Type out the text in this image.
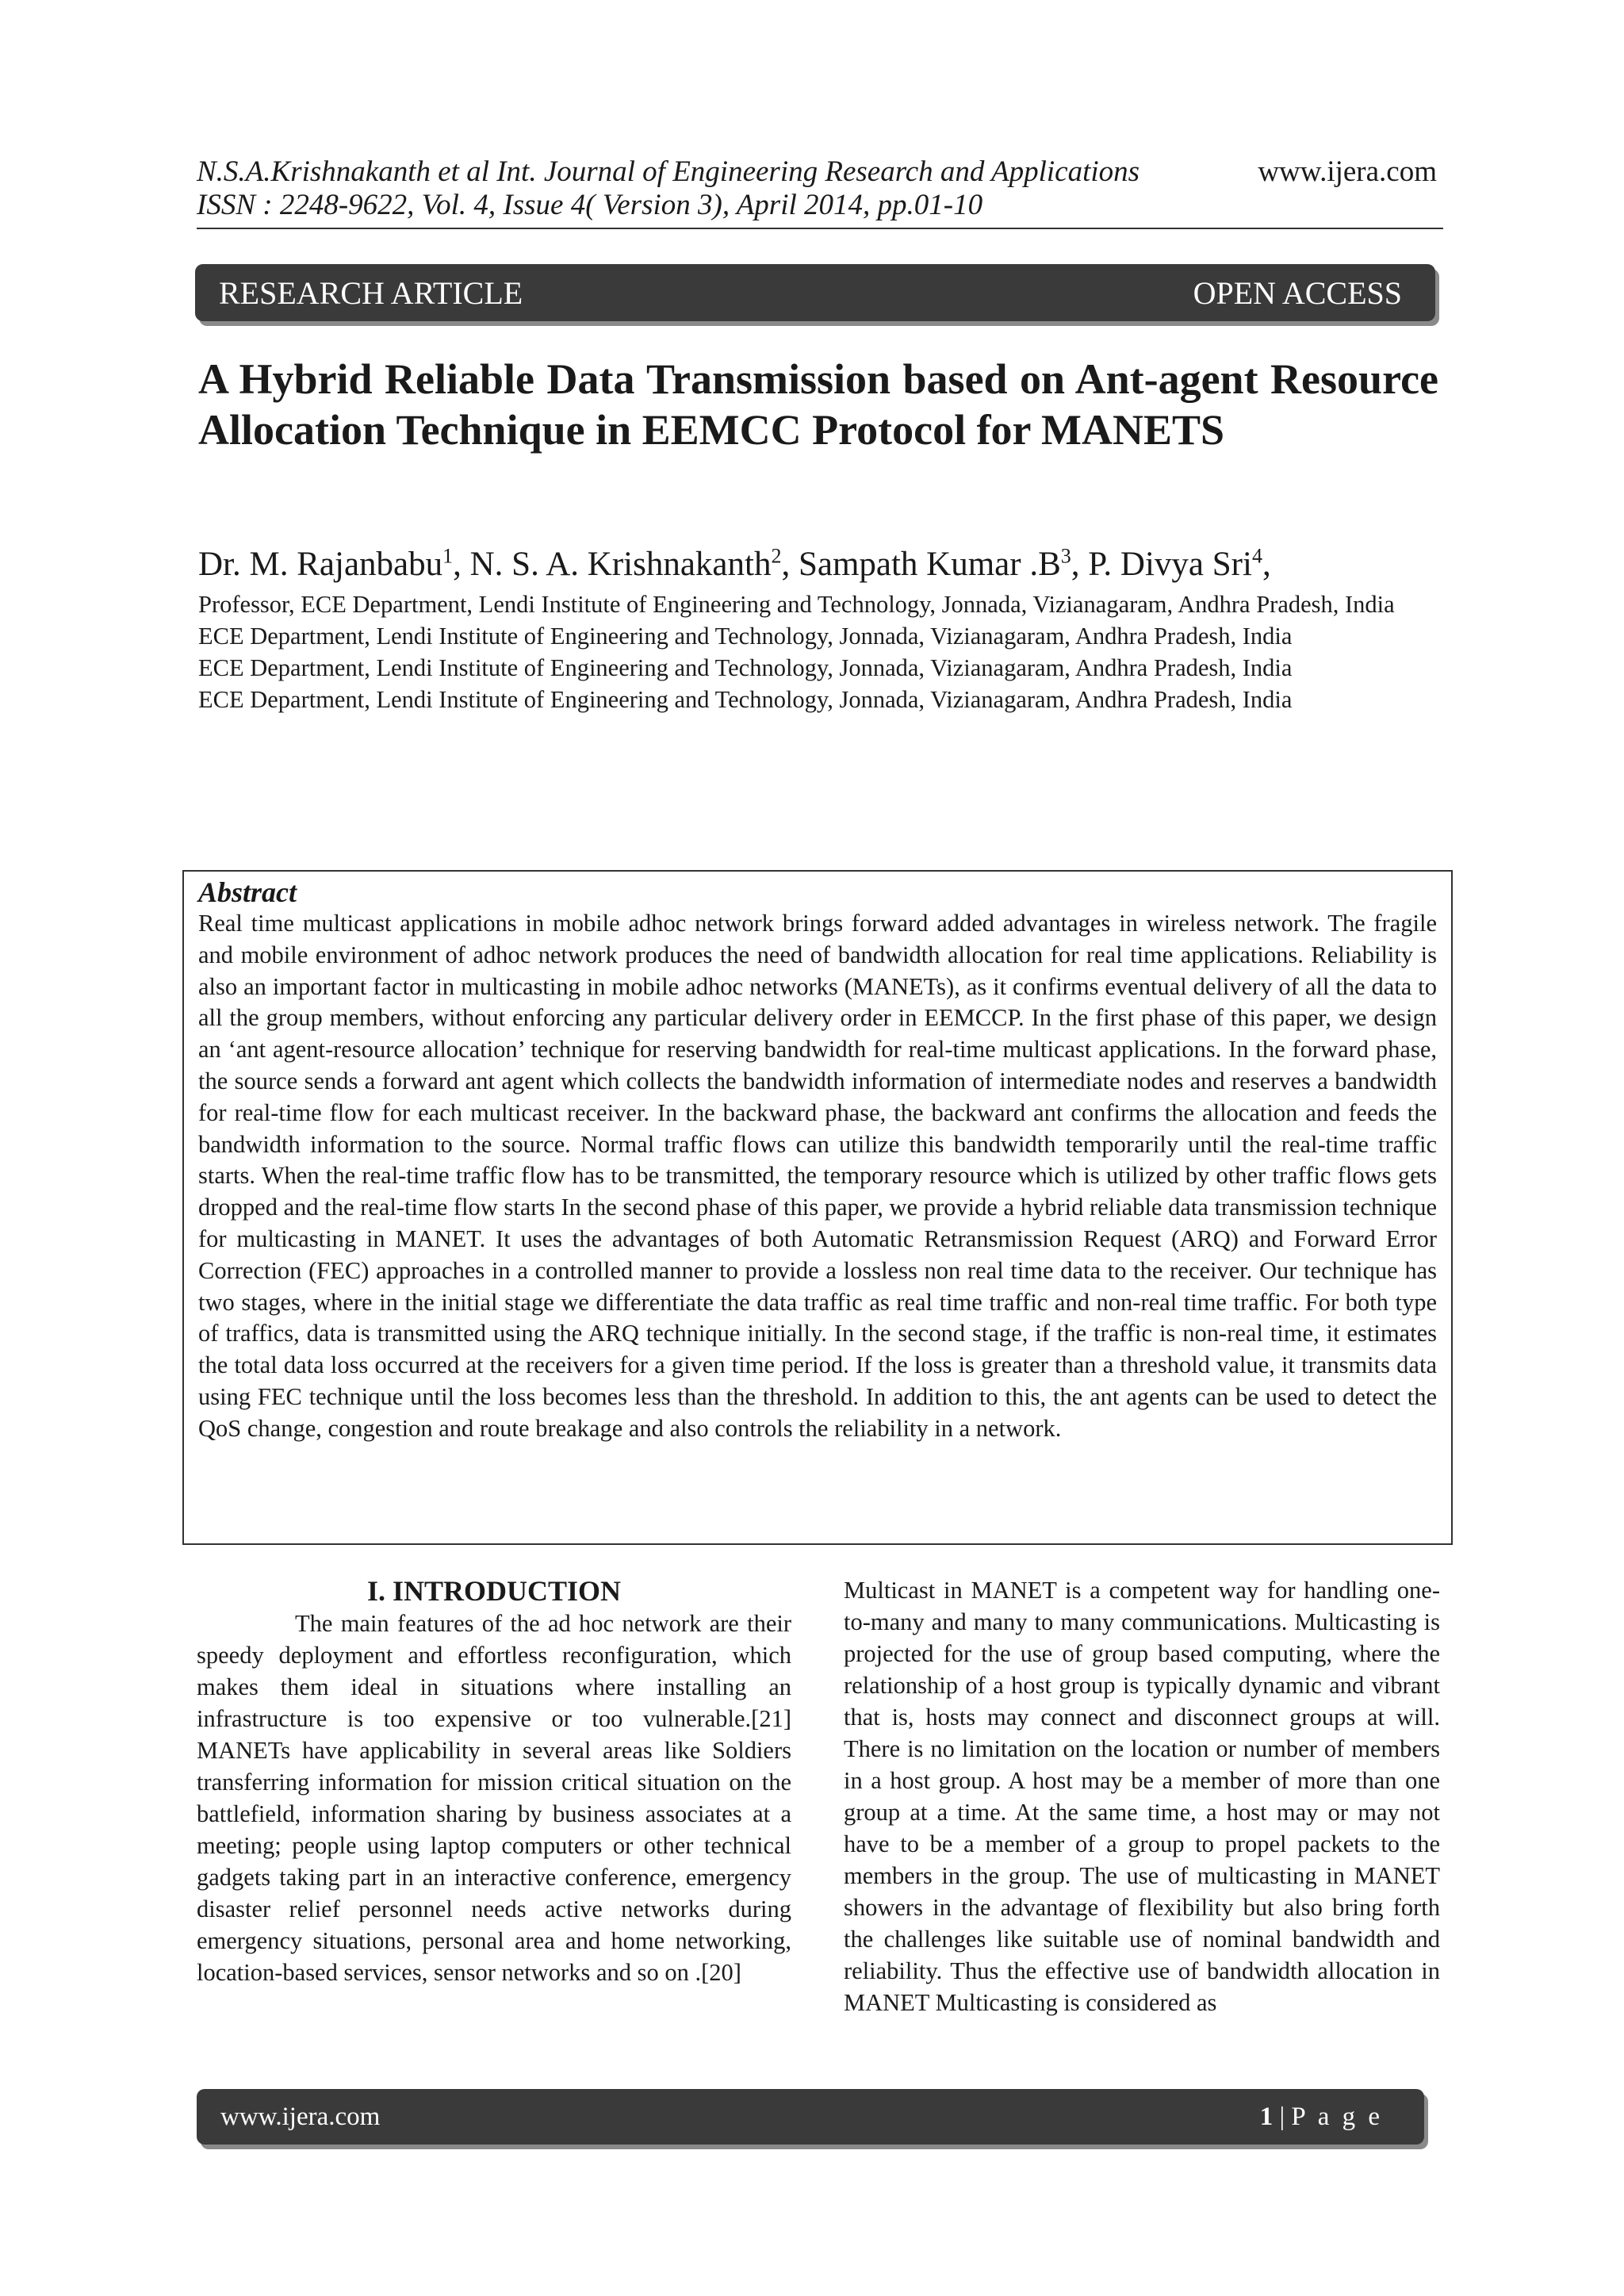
N.S.A.Krishnakanth et al Int. Journal of Engineering Research and Applications
ISSN : 2248-9622, Vol. 4, Issue 4( Version 3), April 2014, pp.01-10
www.ijera.com
RESEARCH ARTICLE	OPEN ACCESS
A Hybrid Reliable Data Transmission based on Ant-agent Resource Allocation Technique in EEMCC Protocol for MANETS
Dr. M. Rajanbabu$^1$, N. S. A. Krishnakanth$^2$, Sampath Kumar $.B^3$, P. Divya Sri$^4$,

Professor, ECE Department, Lendi Institute of Engineering and Technology, Jonnada, Vizianagaram, Andhra Pradesh, India

ECE Department, Lendi Institute of Engineering and Technology, Jonnada, Vizianagaram, Andhra Pradesh, India

ECE Department, Lendi Institute of Engineering and Technology, Jonnada, Vizianagaram, Andhra Pradesh, India

ECE Department, Lendi Institute of Engineering and Technology, Jonnada, Vizianagaram, Andhra Pradesh, India

Abstract

Real time multicast applications in mobile adhoc network brings forward added advantages in wireless network. The fragile and mobile environment of adhoc network produces the need of bandwidth allocation for real time applications. Reliability is also an important factor in multicasting in mobile adhoc networks (MANETs), as it confirms eventual delivery of all the data to all the group members, without enforcing any particular delivery order in EEMCCP. In the first phase of this paper, we design an ‘ant agent-resource allocation’ technique for reserving bandwidth for real-time multicast applications. In the forward phase, the source sends a forward ant agent which collects the bandwidth information of intermediate nodes and reserves a bandwidth for real-time flow for each multicast receiver. In the backward phase, the backward ant confirms the allocation and feeds the bandwidth information to the source. Normal traffic flows can utilize this bandwidth temporarily until the real-time traffic starts. When the real-time traffic flow has to be transmitted, the temporary resource which is utilized by other traffic flows gets dropped and the real-time flow starts In the second phase of this paper, we provide a hybrid reliable data transmission technique for multicasting in MANET. It uses the advantages of both Automatic Retransmission Request (ARQ) and Forward Error Correction (FEC) approaches in a controlled manner to provide a lossless non real time data to the receiver. Our technique has two stages, where in the initial stage we differentiate the data traffic as real time traffic and non-real time traffic. For both type of traffics, data is transmitted using the ARQ technique initially. In the second stage, if the traffic is non-real time, it estimates the total data loss occurred at the receivers for a given time period. If the loss is greater than a threshold value, it transmits data using FEC technique until the loss becomes less than the threshold. In addition to this, the ant agents can be used to detect the QoS change, congestion and route breakage and also controls the reliability in a network.

I. INTRODUCTION

The main features of the ad hoc network are their speedy deployment and effortless reconfiguration, which makes them ideal in situations where installing an infrastructure is too expensive or too vulnerable.[21] MANETs have applicability in several areas like Soldiers transferring information for mission critical situation on the battlefield, information sharing by business associates at a meeting; people using laptop computers or other technical gadgets taking part in an interactive conference, emergency disaster relief personnel needs active networks during emergency situations, personal area and home networking, location-based services, sensor networks and so on .[20]

Multicast in MANET is a competent way for handling one-to-many and many to many communications. Multicasting is projected for the use of group based computing, where the relationship of a host group is typically dynamic and vibrant that is, hosts may connect and disconnect groups at will. There is no limitation on the location or number of members in a host group. A host may be a member of more than one group at a time. At the same time, a host may or may not have to be a member of a group to propel packets to the members in the group. The use of multicasting in MANET showers in the advantage of flexibility but also bring forth the challenges like suitable use of nominal bandwidth and reliability. Thus the effective use of bandwidth allocation in MANET Multicasting is considered as

www.ijera.com	1 | P a g e
